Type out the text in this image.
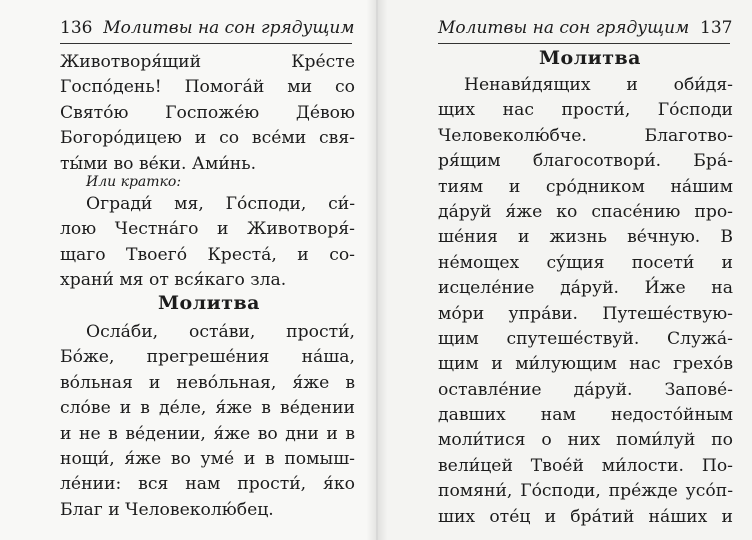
136 Молитвы на сон грядущим
Животворя́щий Кре́сте
Госпо́день! Помога́й ми со
Свято́ю Госпоже́ю Де́вою
Богоро́дицею и со все́ми свя-
ты́ми во ве́ки. Ами́нь.
Или кратко:
Огради́ мя, Го́споди, си́-
лою Честна́го и Животворя́-
щаго Твоего́ Креста́, и со-
храни́ мя от вся́каго зла.
Молитва
Осла́би, оста́ви, прости́,
Бо́же, прегреше́ния на́ша,
во́льная и нево́льная, я́же в
сло́ве и в де́ле, я́же в ве́дении
и не в ве́дении, я́же во дни и в
нощи́, я́же во уме́ и в помыш-
ле́нии: вся нам прости́, я́ко
Благ и Человеколю́бец.
Молитвы на сон грядущим 137
Молитва
Ненави́дящих и оби́дя-
щих нас прости́, Го́споди
Человеколю́бче. Благотво-
ря́щим благосотвори́. Бра́-
тиям и сро́дником на́шим
да́руй я́же ко спасе́нию про-
ше́ния и жизнь ве́чную. В
не́мощех су́щия посети́ и
исцеле́ние да́руй. И́же на
мо́ри упра́ви. Путеше́ствую-
щим спутеше́ствуй. Служа́-
щим и ми́лующим нас грехо́в
оставле́ние да́руй. Запове́-
давших нам недосто́йным
моли́тися о них поми́луй по
вели́цей Твое́й ми́лости. По-
помяни́, Го́споди, пре́жде усо́п-
ших оте́ц и бра́тий на́ших и
